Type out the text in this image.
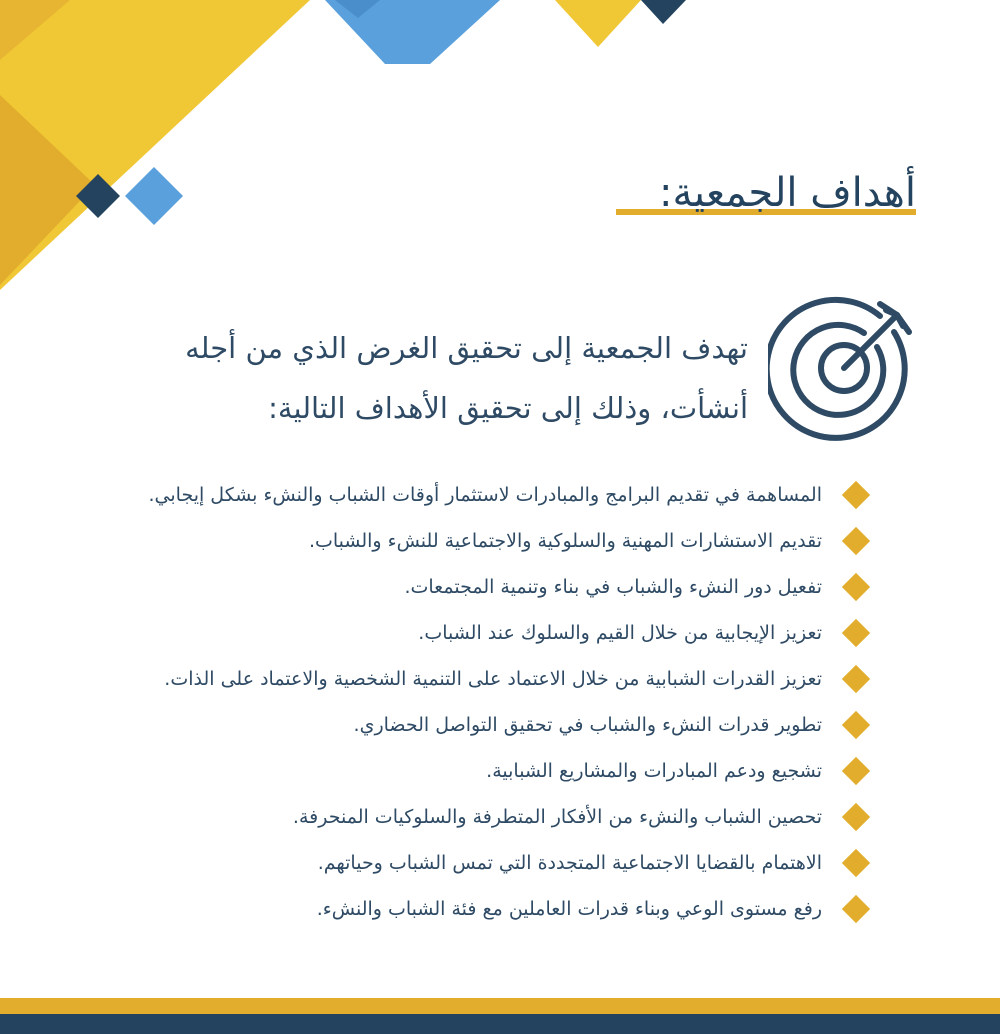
أهداف الجمعية:

تهدف الجمعية إلى تحقيق الغرض الذي من أجله أنشأت، وذلك إلى تحقيق الأهداف التالية:

المساهمة في تقديم البرامج والمبادرات لاستثمار أوقات الشباب والنشء بشكل إيجابي.
تقديم الاستشارات المهنية والسلوكية والاجتماعية للنشء والشباب.
تفعيل دور النشء والشباب في بناء وتنمية المجتمعات.
تعزيز الإيجابية من خلال القيم والسلوك عند الشباب.
تعزيز القدرات الشبابية من خلال الاعتماد على التنمية الشخصية والاعتماد على الذات.
تطوير قدرات النشء والشباب في تحقيق التواصل الحضاري.
تشجيع ودعم المبادرات والمشاريع الشبابية.
تحصين الشباب والنشء من الأفكار المتطرفة والسلوكيات المنحرفة.
الاهتمام بالقضايا الاجتماعية المتجددة التي تمس الشباب وحياتهم.
رفع مستوى الوعي وبناء قدرات العاملين مع فئة الشباب والنشء.
